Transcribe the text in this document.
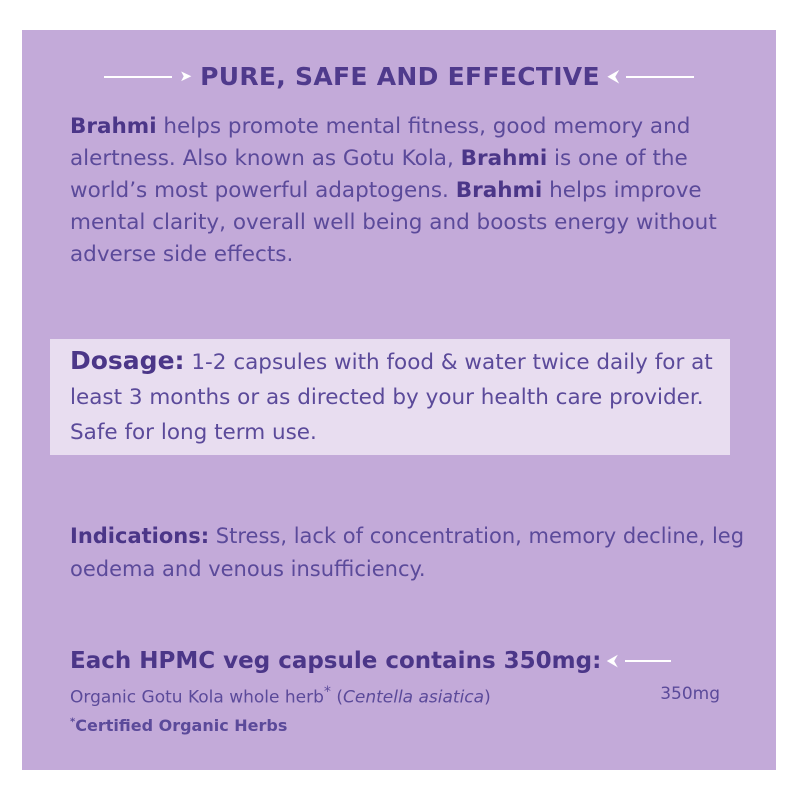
➤ PURE, SAFE AND EFFECTIVE ⮜
Brahmi helps promote mental fitness, good memory and alertness. Also known as Gotu Kola, Brahmi is one of the world’s most powerful adaptogens. Brahmi helps improve mental clarity, overall well being and boosts energy without adverse side effects.
Dosage: 1-2 capsules with food & water twice daily for at least 3 months or as directed by your health care provider. Safe for long term use.
Indications: Stress, lack of concentration, memory decline, leg oedema and venous insufficiency.
Each HPMC veg capsule contains 350mg: ⮜
Organic Gotu Kola whole herb* (Centella asiatica)	350mg
*Certified Organic Herbs
